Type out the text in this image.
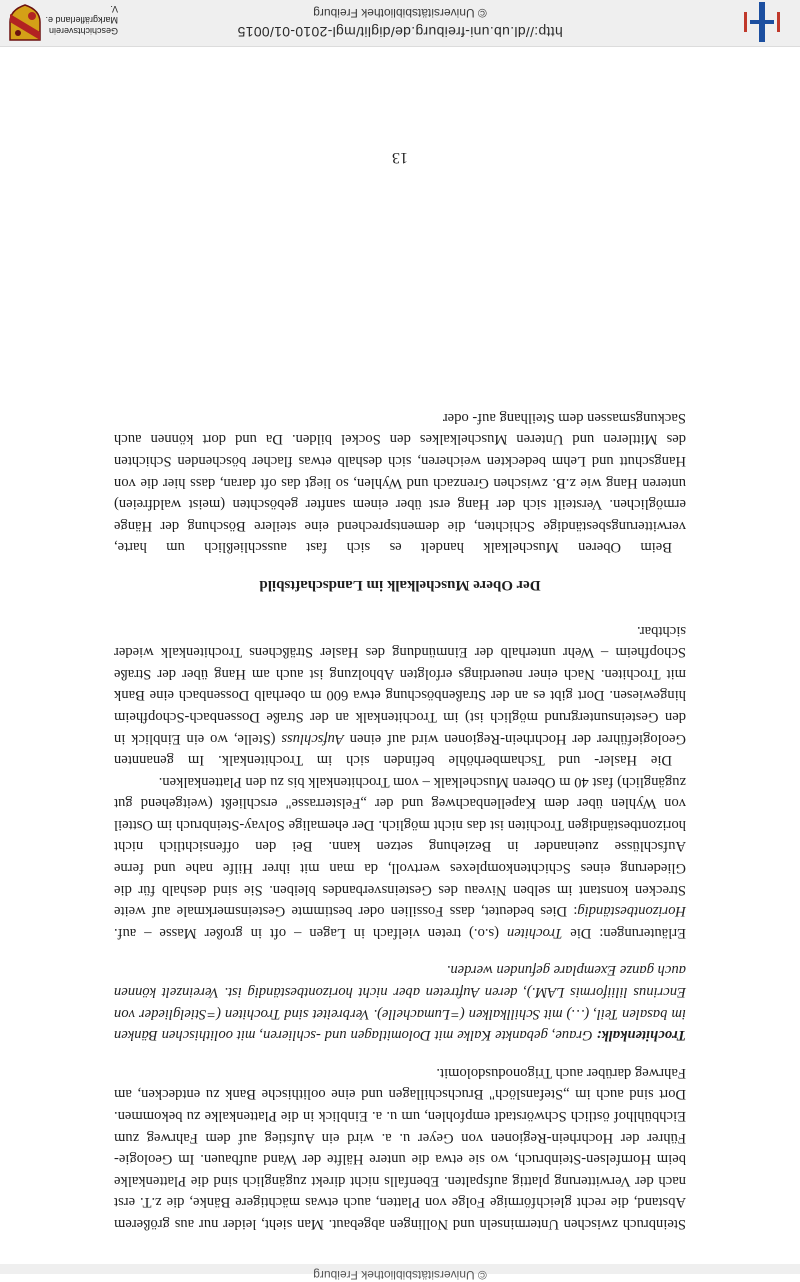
© Universitätsbibliothek Freiburg

Steinbruch zwischen Unterminseln und Nollingen abgebaut. Man sieht, leider nur aus größerem Abstand, die recht gleichförmige Folge von Platten, auch etwas mächtigere Bänke, die z.T. erst nach der Verwitterung plattig aufspalten. Ebenfalls nicht direkt zugänglich sind die Plattenkalke beim Hornfelsen-Steinbruch, wo sie etwa die untere Hälfte der Wand aufbauen. Im Geologie-Führer der Hochrhein-Regionen von Geyer u. a. wird ein Aufstieg auf dem Fahrweg zum Eichbühlhof östlich Schwörstadt empfohlen, um u. a. Einblick in die Plattenkalke zu bekommen. Dort sind auch im „Stefanslöch" Bruchschillagen und eine oolithische Bank zu entdecken, am Fahrweg darüber auch Trigonodusdolomit.

Trochitenkalk: Graue, gebankte Kalke mit Dolomitlagen und -schlieren, mit oolithischen Bänken im basalen Teil, (…) mit Schillkalken (=Lumachelle). Verbreitet sind Trochiten (=Stielglieder von Encrinus liliiformis LAM.), deren Auftreten aber nicht horizontbeständig ist. Vereinzelt können auch ganze Exemplare gefunden werden.

Erläuterungen: Die Trochiten (s.o.) treten vielfach in Lagen – oft in großer Masse – auf. Horizontbeständig: Dies bedeutet, dass Fossilien oder bestimmte Gesteinsmerkmale auf weite Strecken konstant im selben Niveau des Gesteinsverbandes bleiben. Sie sind deshalb für die Gliederung eines Schichtenkomplexes wertvoll, da man mit ihrer Hilfe nahe und ferne Aufschlüsse zueinander in Beziehung setzen kann. Bei den offensichtlich nicht horizontbeständigen Trochiten ist das nicht möglich. Der ehemalige Solvay-Steinbruch im Ostteil von Wyhlen über dem Kapellenbachweg und der „Felsterrasse" erschließt (weitgehend gut zugänglich) fast 40 m Oberen Muschelkalk – vom Trochitenkalk bis zu den Plattenkalken.

Die Hasler- und Tschamberhöhle befinden sich im Trochitenkalk. Im genannten Geologieführer der Hochrhein-Regionen wird auf einen Aufschluss (Stelle, wo ein Einblick in den Gesteinsuntergrund möglich ist) im Trochitenkalk an der Straße Dossenbach-Schopfheim hingewiesen. Dort gibt es an der Straßenböschung etwa 600 m oberhalb Dossenbach eine Bank mit Trochiten. Nach einer neuerdings erfolgten Abholzung ist auch am Hang über der Straße Schopfheim – Wehr unterhalb der Einmündung des Hasler Sträßchens Trochitenkalk wieder sichtbar.

Der Obere Muschelkalk im Landschaftsbild

Beim Oberen Muschelkalk handelt es sich fast ausschließlich um harte, verwitterungsbeständige Schichten, die dementsprechend eine steilere Böschung der Hänge ermöglichen. Versteilt sich der Hang erst über einem sanfter geböschten (meist waldfreien) unteren Hang wie z.B. zwischen Grenzach und Wyhlen, so liegt das oft daran, dass hier die von Hangschutt und Lehm bedeckten weicheren, sich deshalb etwas flacher böschenden Schichten des Mittleren und Unteren Muschelkalkes den Sockel bilden. Da und dort können auch Sackungsmassen dem Steilhang auf- oder

13
http://dl.ub.uni-freiburg.de/diglit/mgl-2010-01/0015
© Universitätsbibliothek Freiburg
Geschichtsverein Markgräflerland e. V.
